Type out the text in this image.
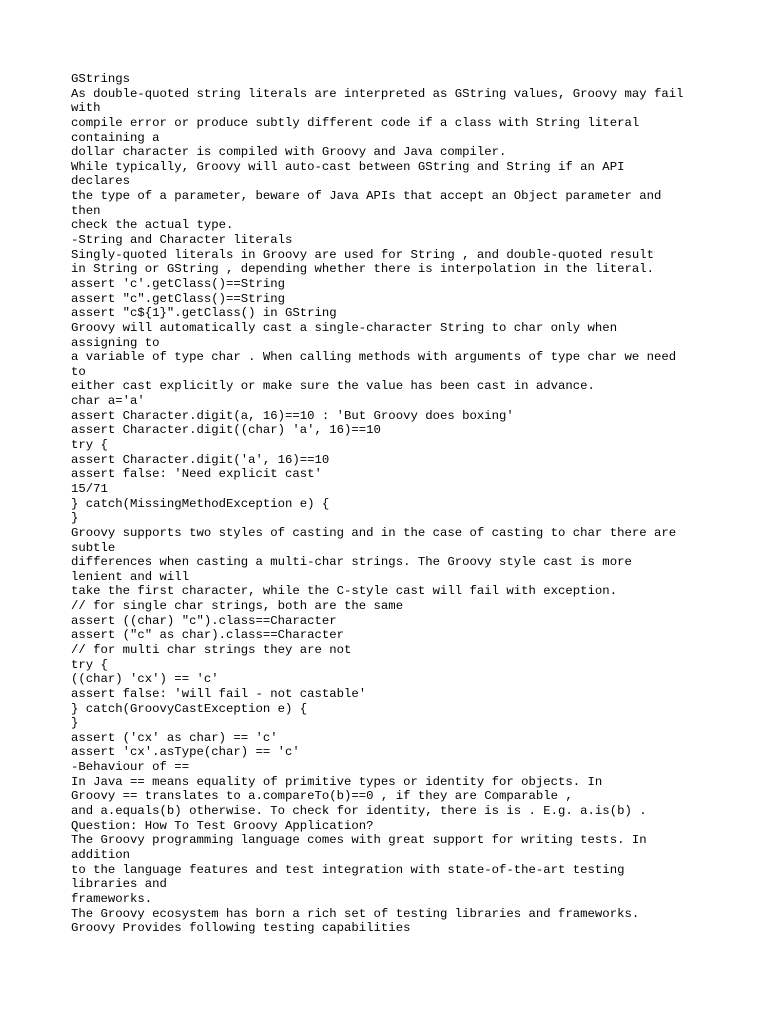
GStrings
As double-quoted string literals are interpreted as GString values, Groovy may fail
with
compile error or produce subtly different code if a class with String literal
containing a
dollar character is compiled with Groovy and Java compiler.
While typically, Groovy will auto-cast between GString and String if an API
declares
the type of a parameter, beware of Java APIs that accept an Object parameter and
then
check the actual type.
-String and Character literals
Singly-quoted literals in Groovy are used for String , and double-quoted result
in String or GString , depending whether there is interpolation in the literal.
assert 'c'.getClass()==String
assert "c".getClass()==String
assert "c${1}".getClass() in GString
Groovy will automatically cast a single-character String to char only when
assigning to
a variable of type char . When calling methods with arguments of type char we need
to
either cast explicitly or make sure the value has been cast in advance.
char a='a'
assert Character.digit(a, 16)==10 : 'But Groovy does boxing'
assert Character.digit((char) 'a', 16)==10
try {
assert Character.digit('a', 16)==10
assert false: 'Need explicit cast'
15/71
} catch(MissingMethodException e) {
}
Groovy supports two styles of casting and in the case of casting to char there are
subtle
differences when casting a multi-char strings. The Groovy style cast is more
lenient and will
take the first character, while the C-style cast will fail with exception.
// for single char strings, both are the same
assert ((char) "c").class==Character
assert ("c" as char).class==Character
// for multi char strings they are not
try {
((char) 'cx') == 'c'
assert false: 'will fail - not castable'
} catch(GroovyCastException e) {
}
assert ('cx' as char) == 'c'
assert 'cx'.asType(char) == 'c'
-Behaviour of ==
In Java == means equality of primitive types or identity for objects. In
Groovy == translates to a.compareTo(b)==0 , if they are Comparable ,
and a.equals(b) otherwise. To check for identity, there is is . E.g. a.is(b) .
Question: How To Test Groovy Application?
The Groovy programming language comes with great support for writing tests. In
addition
to the language features and test integration with state-of-the-art testing
libraries and
frameworks.
The Groovy ecosystem has born a rich set of testing libraries and frameworks.
Groovy Provides following testing capabilities
